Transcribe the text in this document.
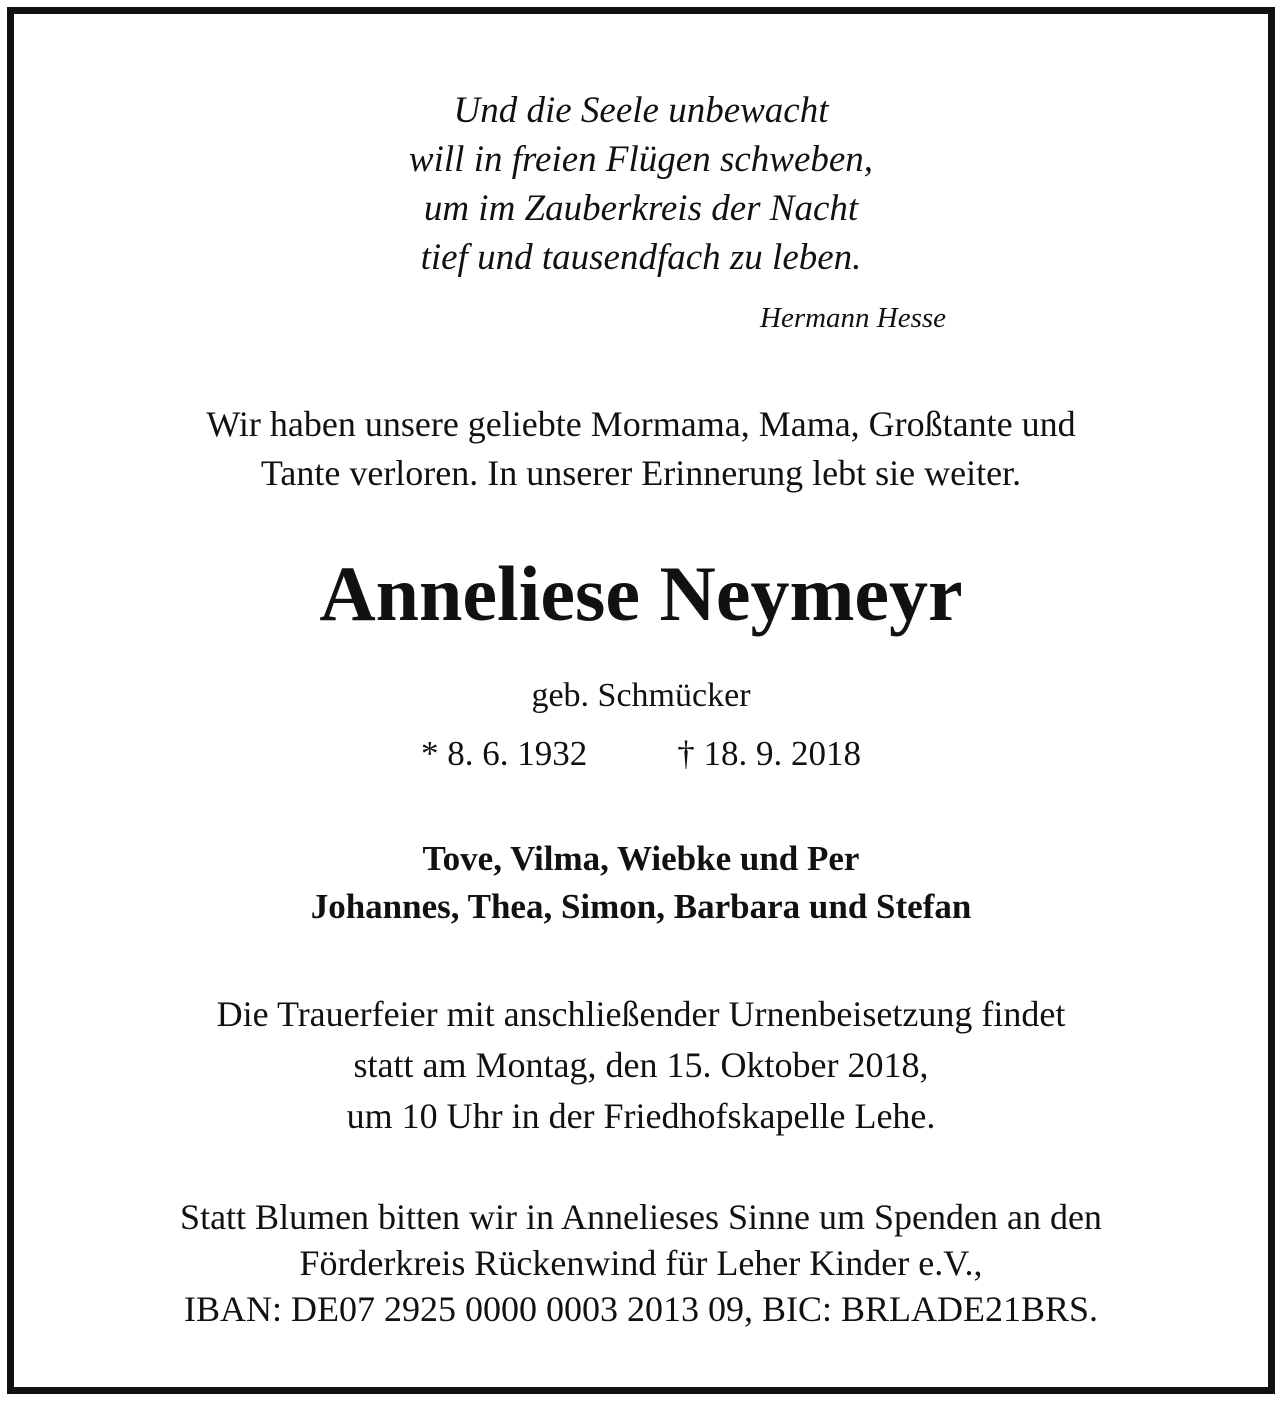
Und die Seele unbewacht
will in freien Flügen schweben,
um im Zauberkreis der Nacht
tief und tausendfach zu leben.
Hermann Hesse
Wir haben unsere geliebte Mormama, Mama, Großtante und
Tante verloren. In unserer Erinnerung lebt sie weiter.
Anneliese Neymeyr
geb. Schmücker
* 8. 6. 1932	† 18. 9. 2018
Tove, Vilma, Wiebke und Per
Johannes, Thea, Simon, Barbara und Stefan
Die Trauerfeier mit anschließender Urnenbeisetzung findet
statt am Montag, den 15. Oktober 2018,
um 10 Uhr in der Friedhofskapelle Lehe.
Statt Blumen bitten wir in Annelieses Sinne um Spenden an den
Förderkreis Rückenwind für Leher Kinder e.V.,
IBAN: DE07 2925 0000 0003 2013 09, BIC: BRLADE21BRS.
